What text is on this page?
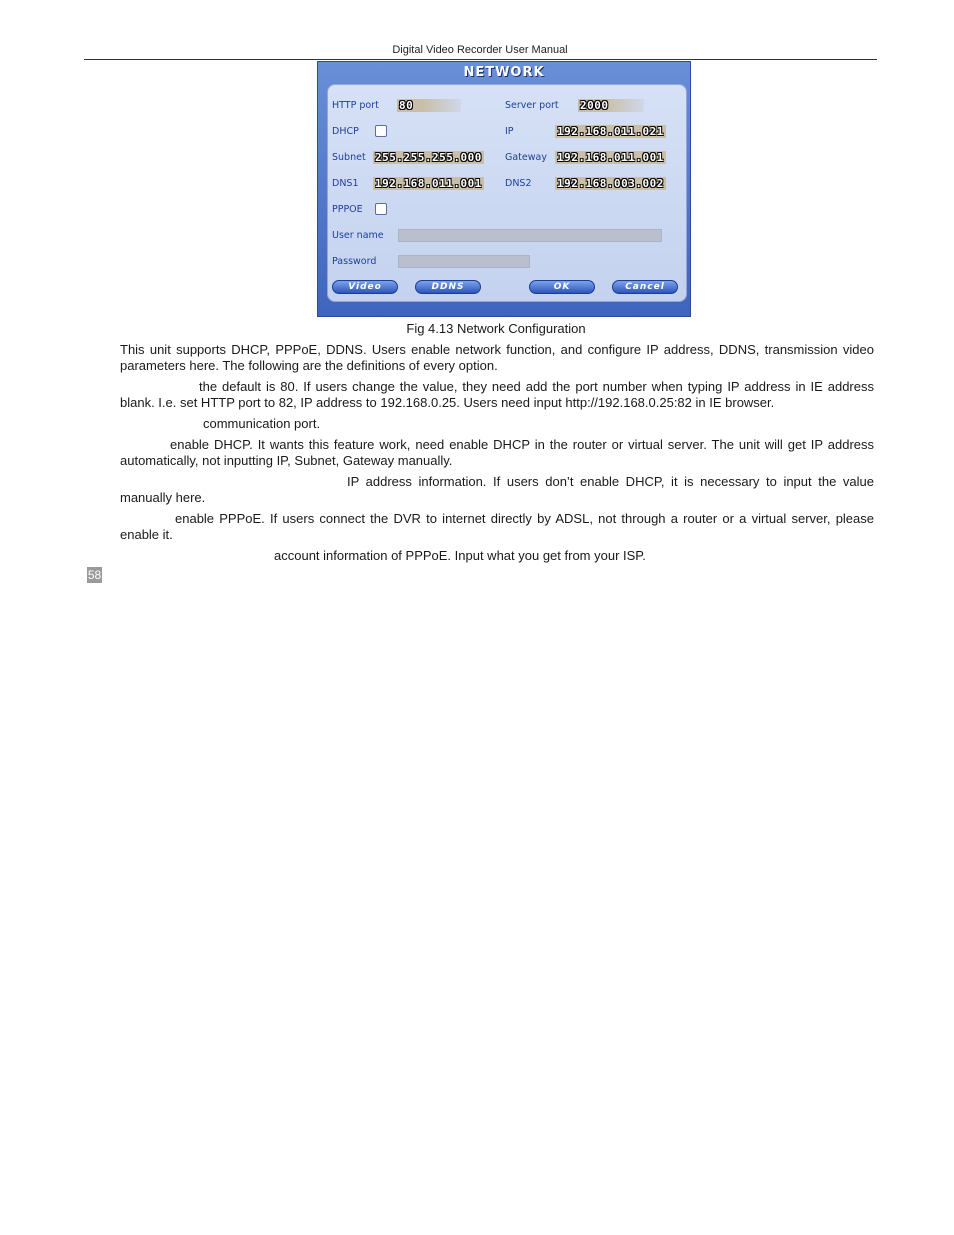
Digital Video Recorder User Manual
NETWORK
HTTP port 80	Server port 2000
DHCP	IP	192.168.011.021
Subnet 255.255.255.000 Gateway 192.168.011.001
DNS1 192.168.011.001 DNS2 192.168.003.002
PPPOE
User name
Password
Video	DDNS	OK	Cancel
Fig 4.13 Network Configuration
This unit supports DHCP, PPPoE, DDNS. Users enable network function, and configure IP address, DDNS, transmission video parameters here. The following are the definitions of every option.
the default is 80. If users change the value, they need add the port number when typing IP address in IE address blank. I.e. set HTTP port to 82, IP address to 192.168.0.25. Users need input http://192.168.0.25:82 in IE browser.
communication port.
enable DHCP. It wants this feature work, need enable DHCP in the router or virtual server. The unit will get IP address automatically, not inputting IP, Subnet, Gateway manually.
IP address information. If users don’t enable DHCP, it is necessary to input the value manually here.
enable PPPoE. If users connect the DVR to internet directly by ADSL, not through a router or a virtual server, please enable it.
account information of PPPoE. Input what you get from your ISP.
58
